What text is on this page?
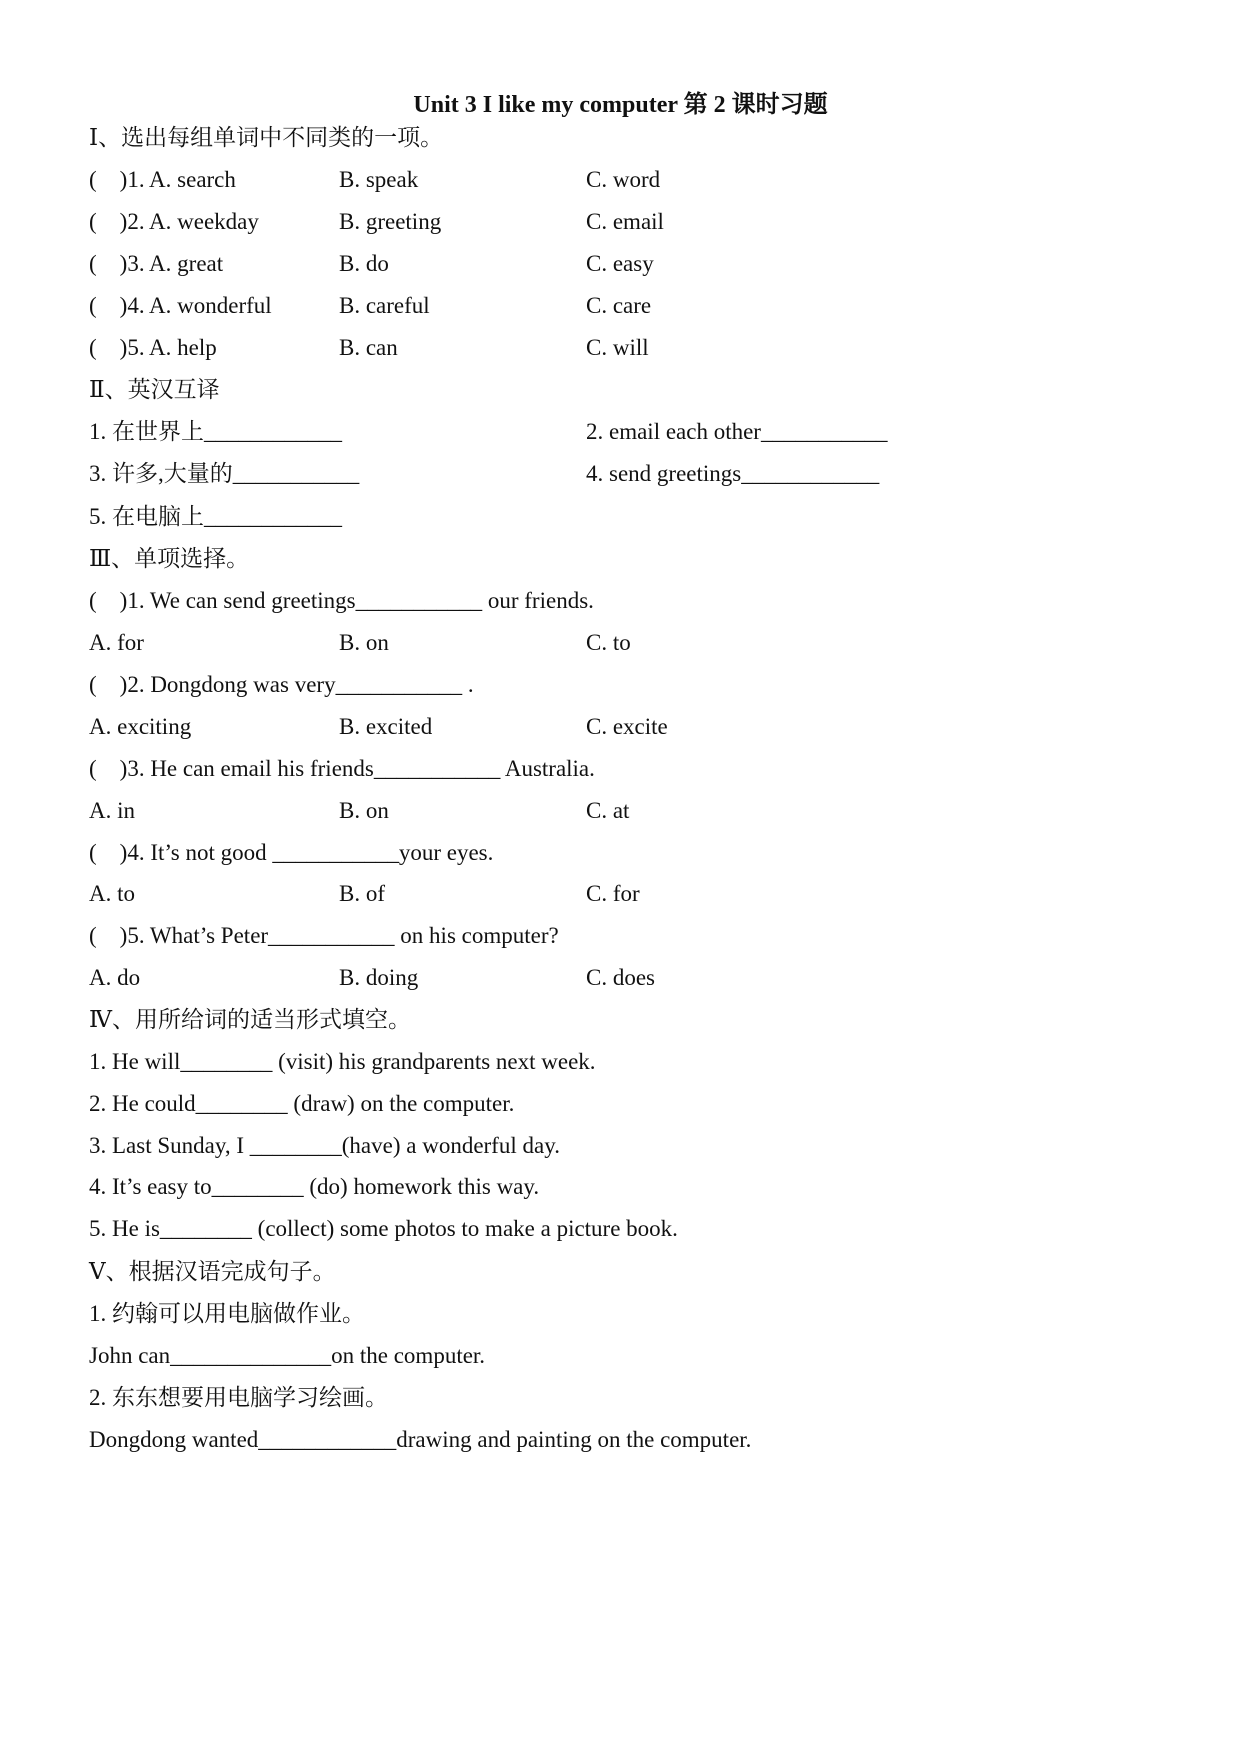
Unit 3 I like my computer 第 2 课时习题
Ⅰ、选出每组单词中不同类的一项。
(    )1. A. search	B. speak	C. word
(    )2. A. weekday	B. greeting	C. email
(    )3. A. great	B. do	C. easy
(    )4. A. wonderful	B. careful	C. care
(    )5. A. help	B. can	C. will
Ⅱ、英汉互译
1. 在世界上____________	2. email each other___________
3. 许多,大量的___________	4. send greetings____________
5. 在电脑上____________
Ⅲ、单项选择。
(    )1. We can send greetings___________ our friends.
A. for	B. on	C. to
(    )2. Dongdong was very___________ .
A. exciting	B. excited	C. excite
(    )3. He can email his friends___________ Australia.
A. in	B. on	C. at
(    )4. It’s not good ___________your eyes.
A. to	B. of	C. for
(    )5. What’s Peter___________ on his computer?
A. do	B. doing	C. does
Ⅳ、用所给词的适当形式填空。
1. He will________ (visit) his grandparents next week.
2. He could________ (draw) on the computer.
3. Last Sunday, I ________(have) a wonderful day.
4. It’s easy to________ (do) homework this way.
5. He is________ (collect) some photos to make a picture book.
Ⅴ、根据汉语完成句子。
1. 约翰可以用电脑做作业。
John can______________on the computer.
2. 东东想要用电脑学习绘画。
Dongdong wanted____________drawing and painting on the computer.
